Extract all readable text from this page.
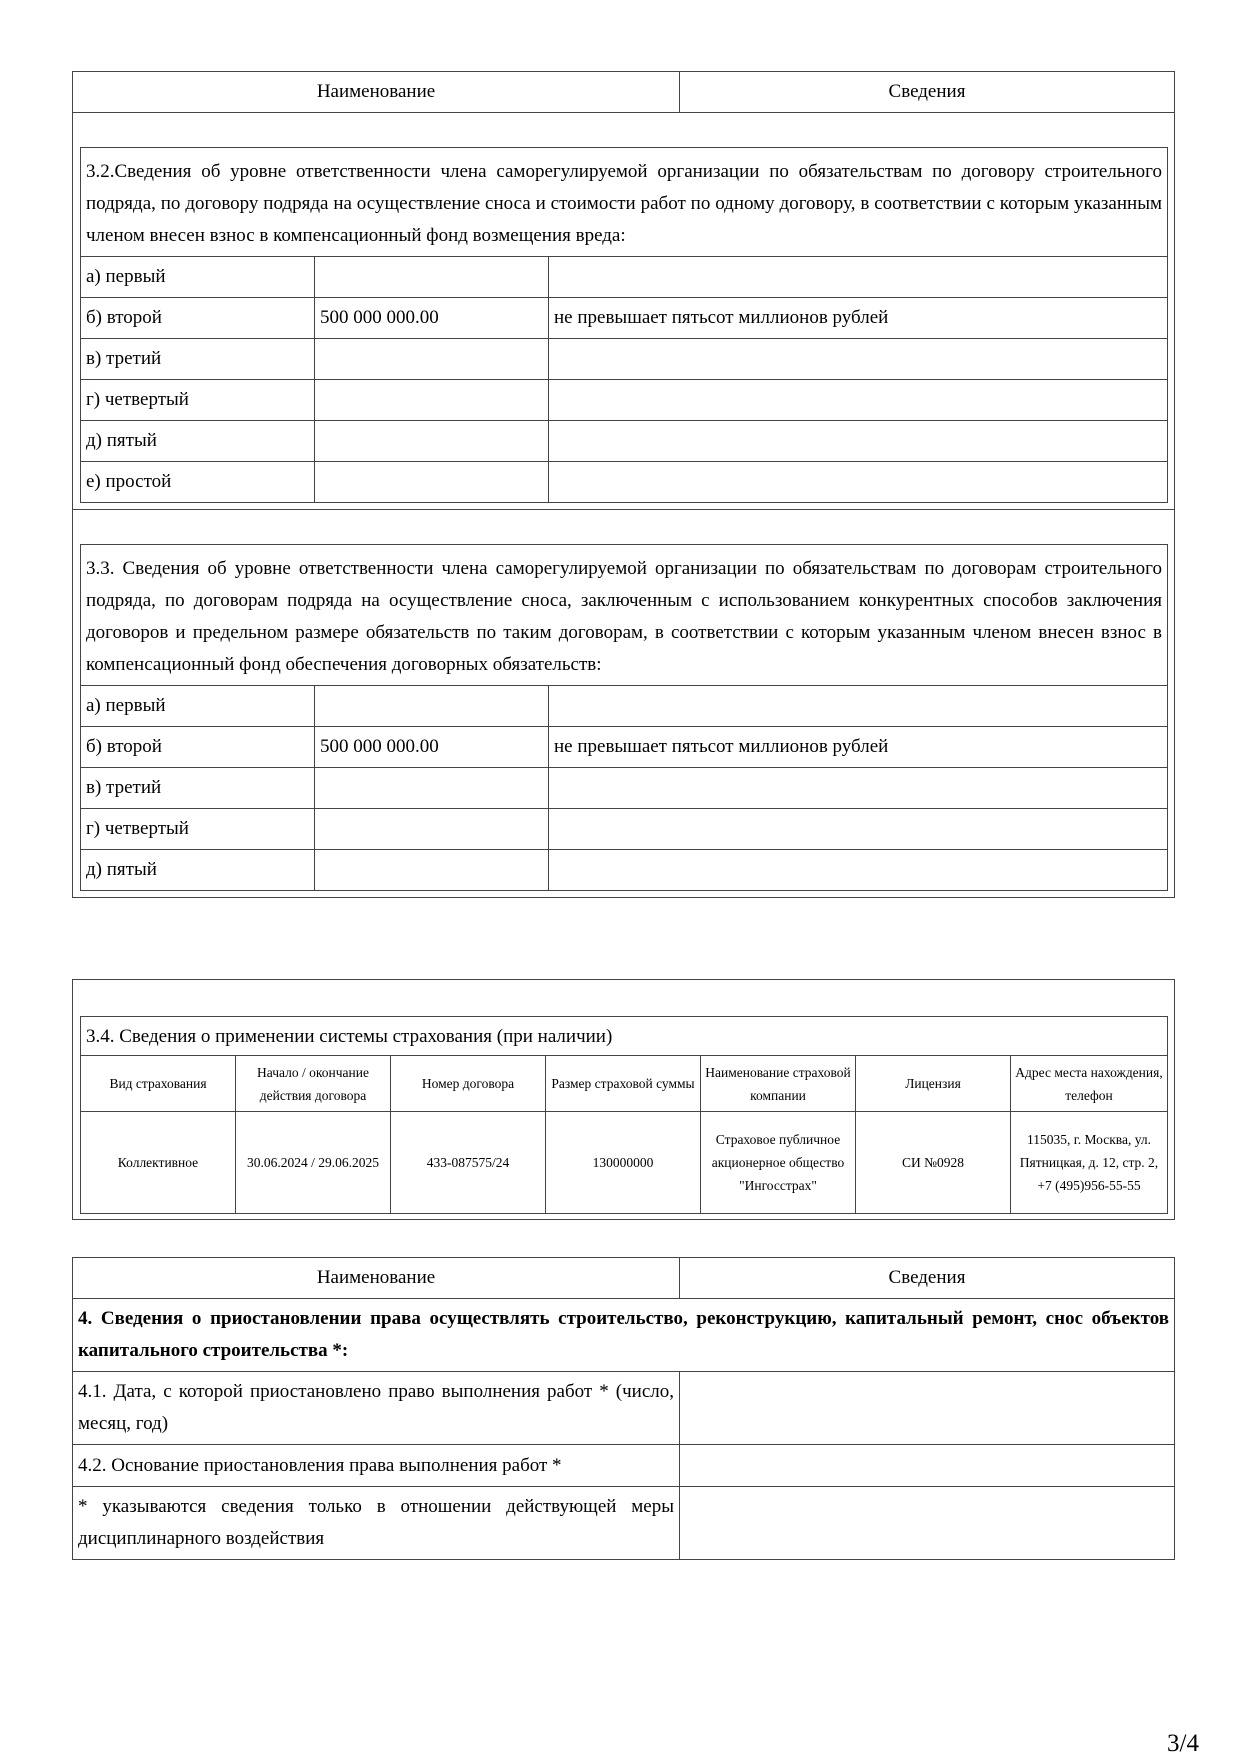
Наименование	Сведения
3.2.Сведения об уровне ответственности члена саморегулируемой организации по обязательствам по договору строительного подряда, по договору подряда на осуществление сноса и стоимости работ по одному договору, в соответствии с которым указанным членом внесен взнос в компенсационный фонд возмещения вреда:		
а) первый		
б) второй	500 000 000.00	не превышает пятьсот миллионов рублей
в) третий		
г) четвертый		
д) пятый		
е) простой		
3.3. Сведения об уровне ответственности члена саморегулируемой организации по обязательствам по договорам строительного подряда, по договорам подряда на осуществление сноса, заключенным с использованием конкурентных способов заключения договоров и предельном размере обязательств по таким договорам, в соответствии с которым указанным членом внесен взнос в компенсационный фонд обеспечения договорных обязательств:		
а) первый		
б) второй	500 000 000.00	не превышает пятьсот миллионов рублей
в) третий		
г) четвертый		
д) пятый		
3.4. Сведения о применении системы страхования (при наличии)						
Вид страхования	Начало / окончание действия договора	Номер договора	Размер страховой суммы	Наименование страховой компании	Лицензия	Адрес места нахождения, телефон
Коллективное	30.06.2024 / 29.06.2025	433-087575/24	130000000	Страховое публичное акционерное общество "Ингосстрах"	СИ №0928	115035, г. Москва, ул. Пятницкая, д. 12, стр. 2, +7 (495)956-55-55
Наименование	Сведения
4. Сведения о приостановлении права осуществлять строительство, реконструкцию, капитальный ремонт, снос объектов капитального строительства *:	
4.1. Дата, с которой приостановлено право выполнения работ * (число, месяц, год)	
4.2. Основание приостановления права выполнения работ *	
* указываются сведения только в отношении действующей меры дисциплинарного воздействия	
3/4
